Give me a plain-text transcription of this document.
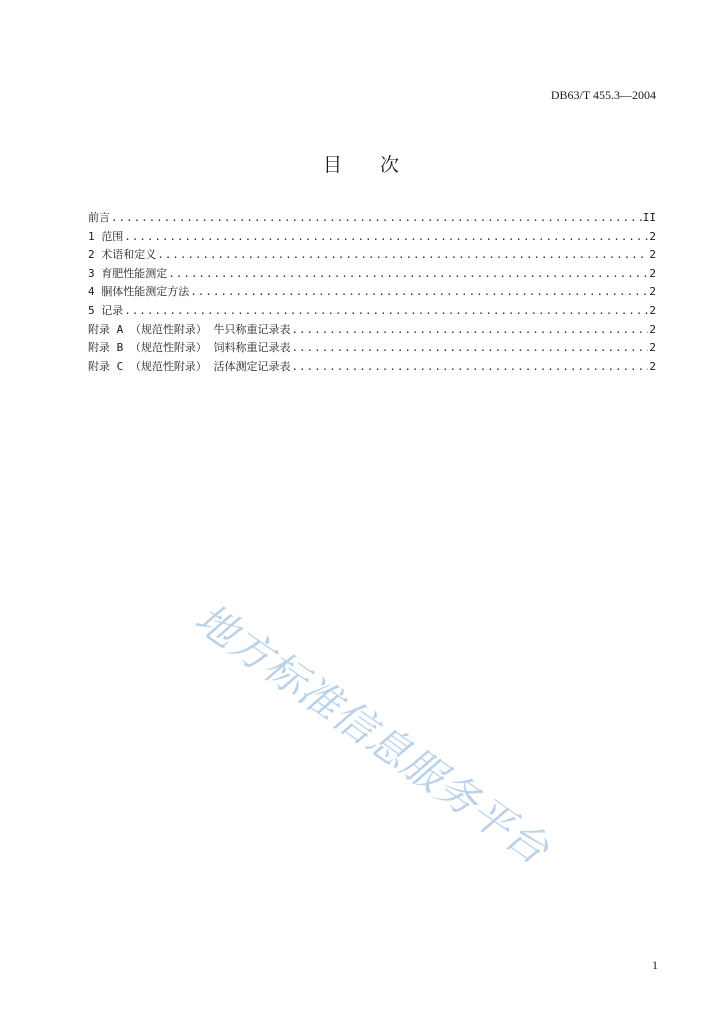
DB63/T 455.3—2004
目 次
前言 .....	II
1 范围 .....	2
2 术语和定义 .....	2
3 育肥性能测定 .....	2
4 胴体性能测定方法 .....	2
5 记录 .....	2
附录 A （规范性附录） 牛只称重记录表 .....	2
附录 B （规范性附录） 饲料称重记录表 .....	2
附录 C （规范性附录） 活体测定记录表 .....	2
地方标准信息服务平台
1
